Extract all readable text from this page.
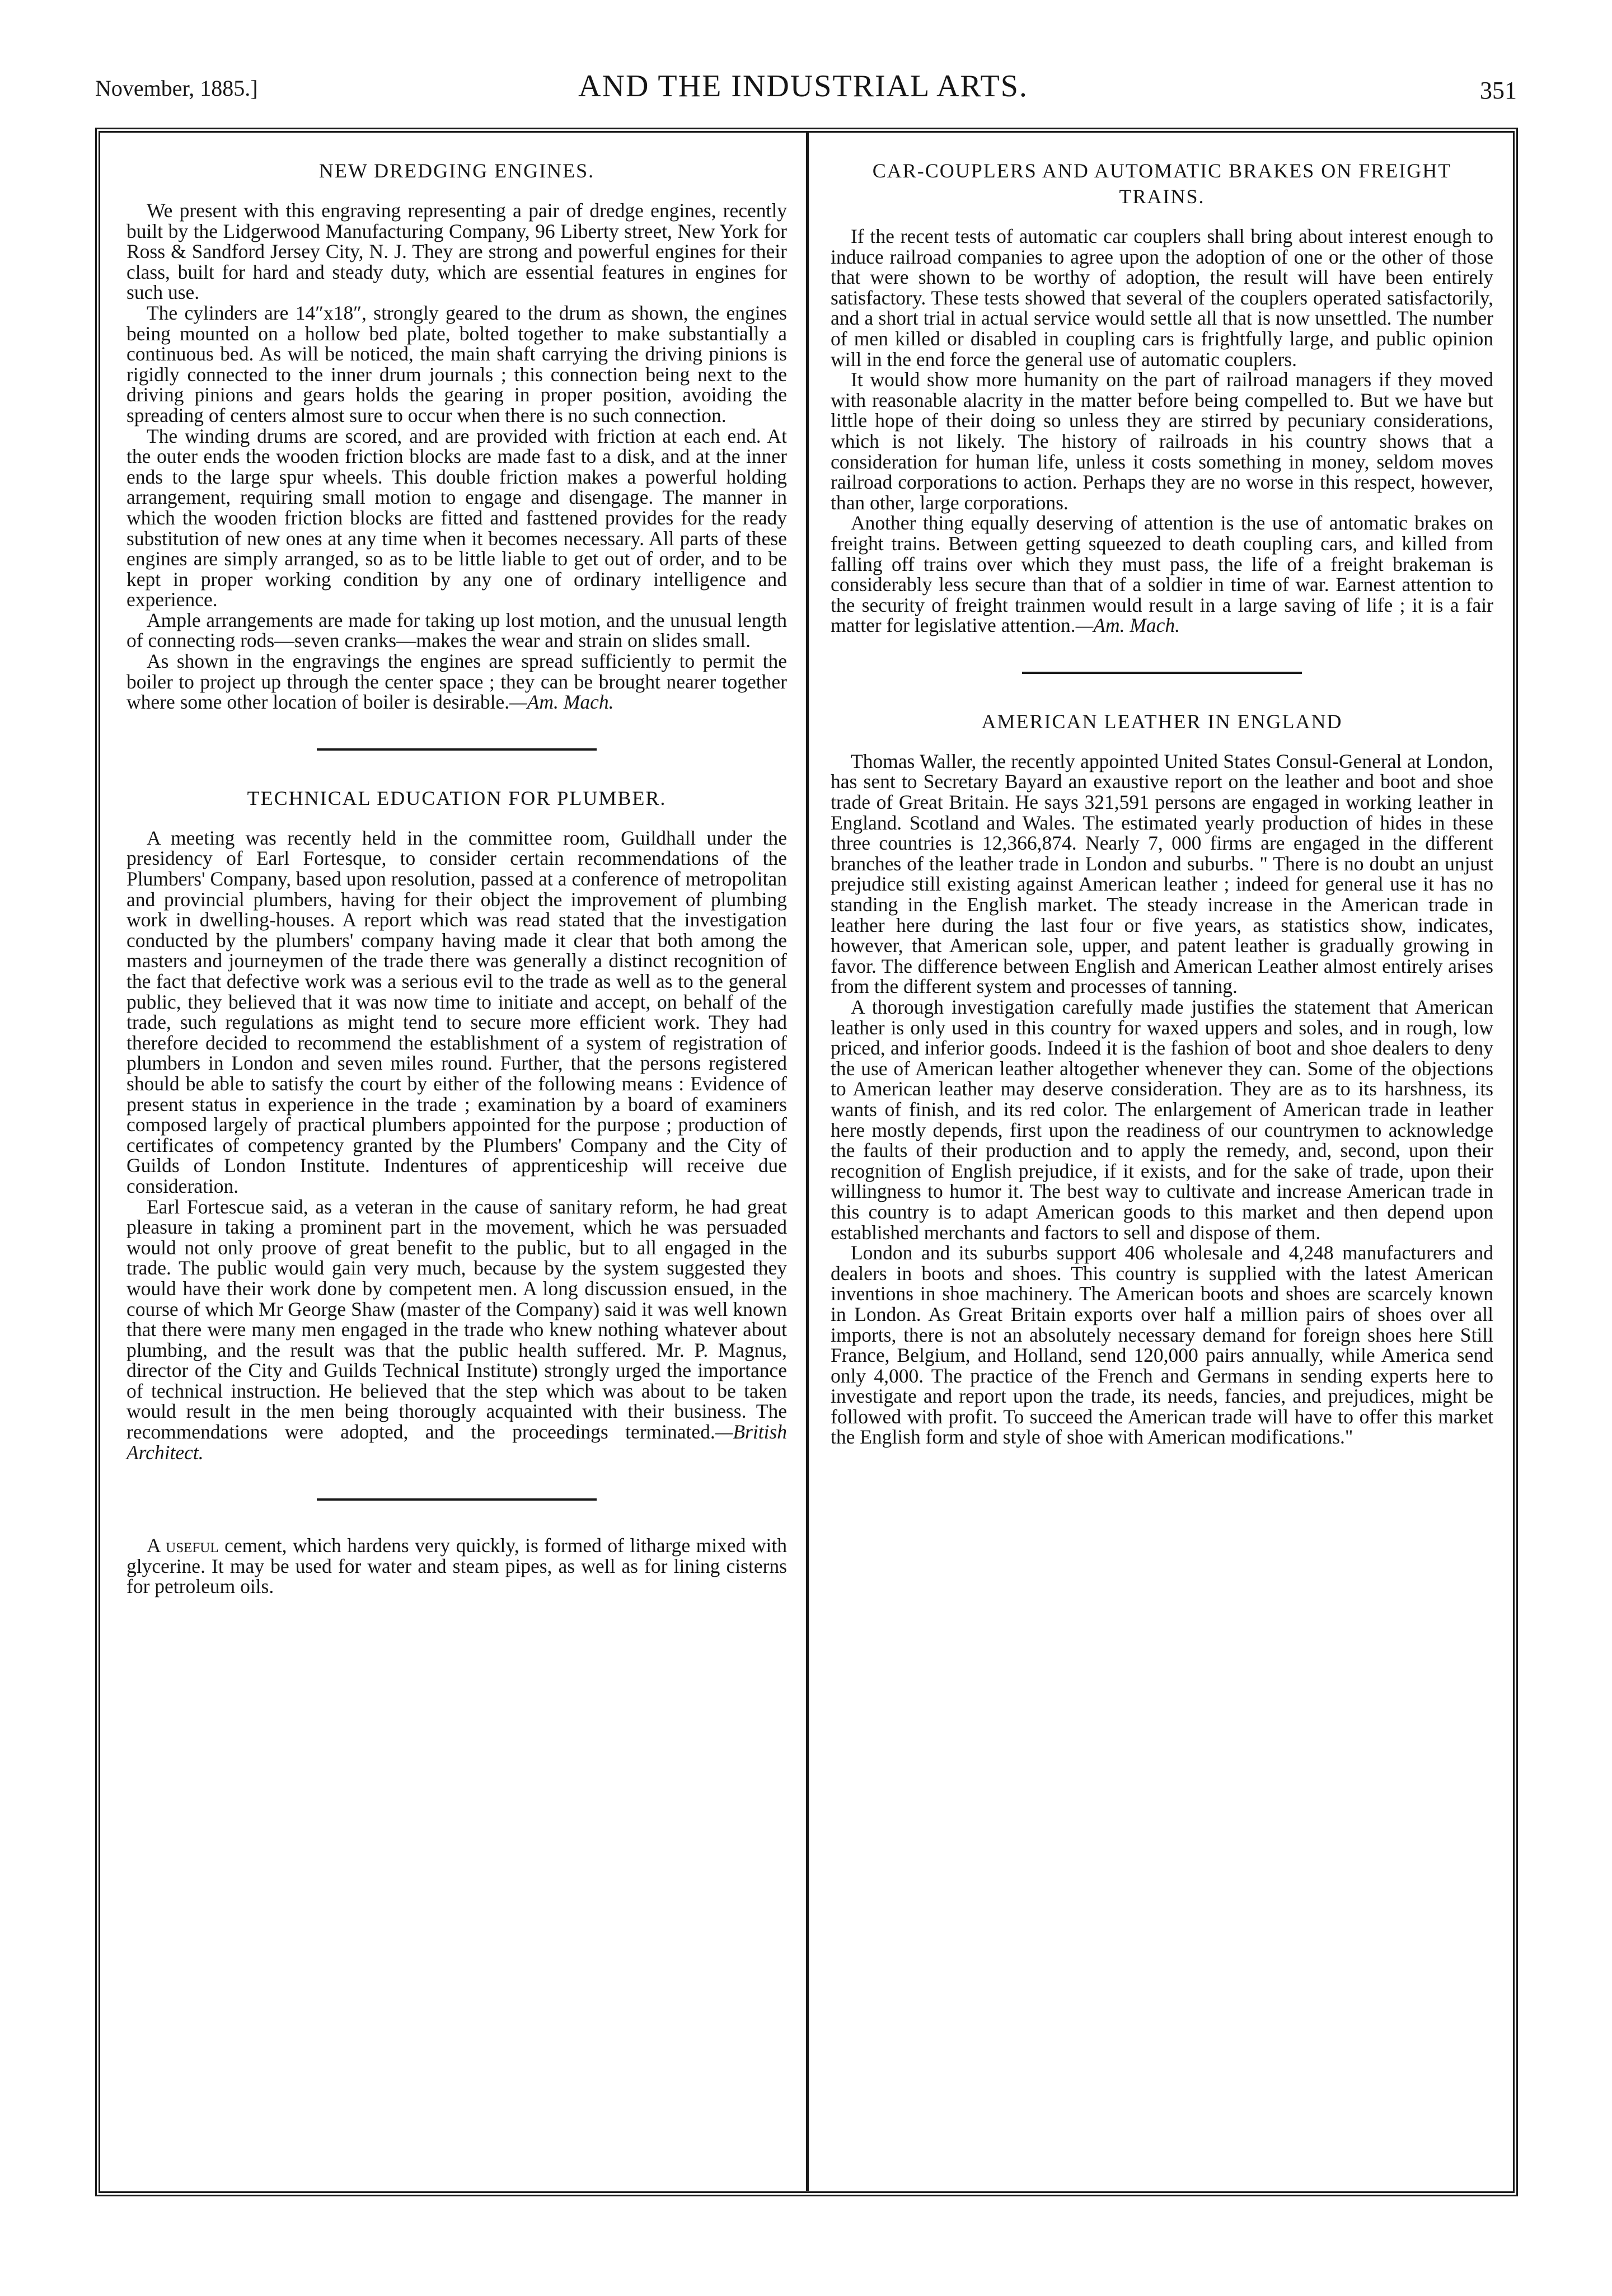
November, 1885.]	AND THE INDUSTRIAL ARTS.	351
NEW DREDGING ENGINES.

We present with this engraving representing a pair of dredge engines, recently built by the Lidgerwood Manufacturing Company, 96 Liberty street, New York for Ross & Sandford Jersey City, N. J. They are strong and powerful engines for their class, built for hard and steady duty, which are essential features in engines for such use.

The cylinders are 14″x18″, strongly geared to the drum as shown, the engines being mounted on a hollow bed plate, bolted together to make substantially a continuous bed. As will be noticed, the main shaft carrying the driving pinions is rigidly connected to the inner drum journals ; this connection being next to the driving pinions and gears holds the gearing in proper position, avoiding the spreading of centers almost sure to occur when there is no such connection.

The winding drums are scored, and are provided with friction at each end. At the outer ends the wooden friction blocks are made fast to a disk, and at the inner ends to the large spur wheels. This double friction makes a powerful holding arrangement, requiring small motion to engage and disengage. The manner in which the wooden friction blocks are fitted and fasttened provides for the ready substitution of new ones at any time when it becomes necessary. All parts of these engines are simply arranged, so as to be little liable to get out of order, and to be kept in proper working condition by any one of ordinary intelligence and experience.

Ample arrangements are made for taking up lost motion, and the unusual length of connecting rods—seven cranks—makes the wear and strain on slides small.

As shown in the engravings the engines are spread sufficiently to permit the boiler to project up through the center space ; they can be brought nearer together where some other location of boiler is desirable.—Am. Mach.

TECHNICAL EDUCATION FOR PLUMBER.

A meeting was recently held in the committee room, Guildhall under the presidency of Earl Fortesque, to consider certain recommendations of the Plumbers' Company, based upon resolution, passed at a conference of metropolitan and provincial plumbers, having for their object the improvement of plumbing work in dwelling-houses. A report which was read stated that the investigation conducted by the plumbers' company having made it clear that both among the masters and journeymen of the trade there was generally a distinct recognition of the fact that defective work was a serious evil to the trade as well as to the general public, they believed that it was now time to initiate and accept, on behalf of the trade, such regulations as might tend to secure more efficient work. They had therefore decided to recommend the establishment of a system of registration of plumbers in London and seven miles round. Further, that the persons registered should be able to satisfy the court by either of the following means : Evidence of present status in experience in the trade ; examination by a board of examiners composed largely of practical plumbers appointed for the purpose ; production of certificates of competency granted by the Plumbers' Company and the City of Guilds of London Institute. Indentures of apprenticeship will receive due consideration.

Earl Fortescue said, as a veteran in the cause of sanitary reform, he had great pleasure in taking a prominent part in the movement, which he was persuaded would not only proove of great benefit to the public, but to all engaged in the trade. The public would gain very much, because by the system suggested they would have their work done by competent men. A long discussion ensued, in the course of which Mr George Shaw (master of the Company) said it was well known that there were many men engaged in the trade who knew nothing whatever about plumbing, and the result was that the public health suffered. Mr. P. Magnus, director of the City and Guilds Technical Institute) strongly urged the importance of technical instruction. He believed that the step which was about to be taken would result in the men being thorougly acquainted with their business. The recommendations were adopted, and the proceedings terminated.—British Architect.

A useful cement, which hardens very quickly, is formed of litharge mixed with glycerine. It may be used for water and steam pipes, as well as for lining cisterns for petroleum oils.

CAR-COUPLERS AND AUTOMATIC BRAKES ON FREIGHT TRAINS.

If the recent tests of automatic car couplers shall bring about interest enough to induce railroad companies to agree upon the adoption of one or the other of those that were shown to be worthy of adoption, the result will have been entirely satisfactory. These tests showed that several of the couplers operated satisfactorily, and a short trial in actual service would settle all that is now unsettled. The number of men killed or disabled in coupling cars is frightfully large, and public opinion will in the end force the general use of automatic couplers.

It would show more humanity on the part of railroad managers if they moved with reasonable alacrity in the matter before being compelled to. But we have but little hope of their doing so unless they are stirred by pecuniary considerations, which is not likely. The history of railroads in his country shows that a consideration for human life, unless it costs something in money, seldom moves railroad corporations to action. Perhaps they are no worse in this respect, however, than other, large corporations.

Another thing equally deserving of attention is the use of antomatic brakes on freight trains. Between getting squeezed to death coupling cars, and killed from falling off trains over which they must pass, the life of a freight brakeman is considerably less secure than that of a soldier in time of war. Earnest attention to the security of freight trainmen would result in a large saving of life ; it is a fair matter for legislative attention.—Am. Mach.

AMERICAN LEATHER IN ENGLAND

Thomas Waller, the recently appointed United States Consul-General at London, has sent to Secretary Bayard an exaustive report on the leather and boot and shoe trade of Great Britain. He says 321,591 persons are engaged in working leather in England. Scotland and Wales. The estimated yearly production of hides in these three countries is 12,366,874. Nearly 7, 000 firms are engaged in the different branches of the leather trade in London and suburbs. " There is no doubt an unjust prejudice still existing against American leather ; indeed for general use it has no standing in the English market. The steady increase in the American trade in leather here during the last four or five years, as statistics show, indicates, however, that American sole, upper, and patent leather is gradually growing in favor. The difference between English and American Leather almost entirely arises from the different system and processes of tanning.

A thorough investigation carefully made justifies the statement that American leather is only used in this country for waxed uppers and soles, and in rough, low priced, and inferior goods. Indeed it is the fashion of boot and shoe dealers to deny the use of American leather altogether whenever they can. Some of the objections to American leather may deserve consideration. They are as to its harshness, its wants of finish, and its red color. The enlargement of American trade in leather here mostly depends, first upon the readiness of our countrymen to acknowledge the faults of their production and to apply the remedy, and, second, upon their recognition of English prejudice, if it exists, and for the sake of trade, upon their willingness to humor it. The best way to cultivate and increase American trade in this country is to adapt American goods to this market and then depend upon established merchants and factors to sell and dispose of them.

London and its suburbs support 406 wholesale and 4,248 manufacturers and dealers in boots and shoes. This country is supplied with the latest American inventions in shoe machinery. The American boots and shoes are scarcely known in London. As Great Britain exports over half a million pairs of shoes over all imports, there is not an absolutely necessary demand for foreign shoes here Still France, Belgium, and Holland, send 120,000 pairs annually, while America send only 4,000. The practice of the French and Germans in sending experts here to investigate and report upon the trade, its needs, fancies, and prejudices, might be followed with profit. To succeed the American trade will have to offer this market the English form and style of shoe with American modifications."
